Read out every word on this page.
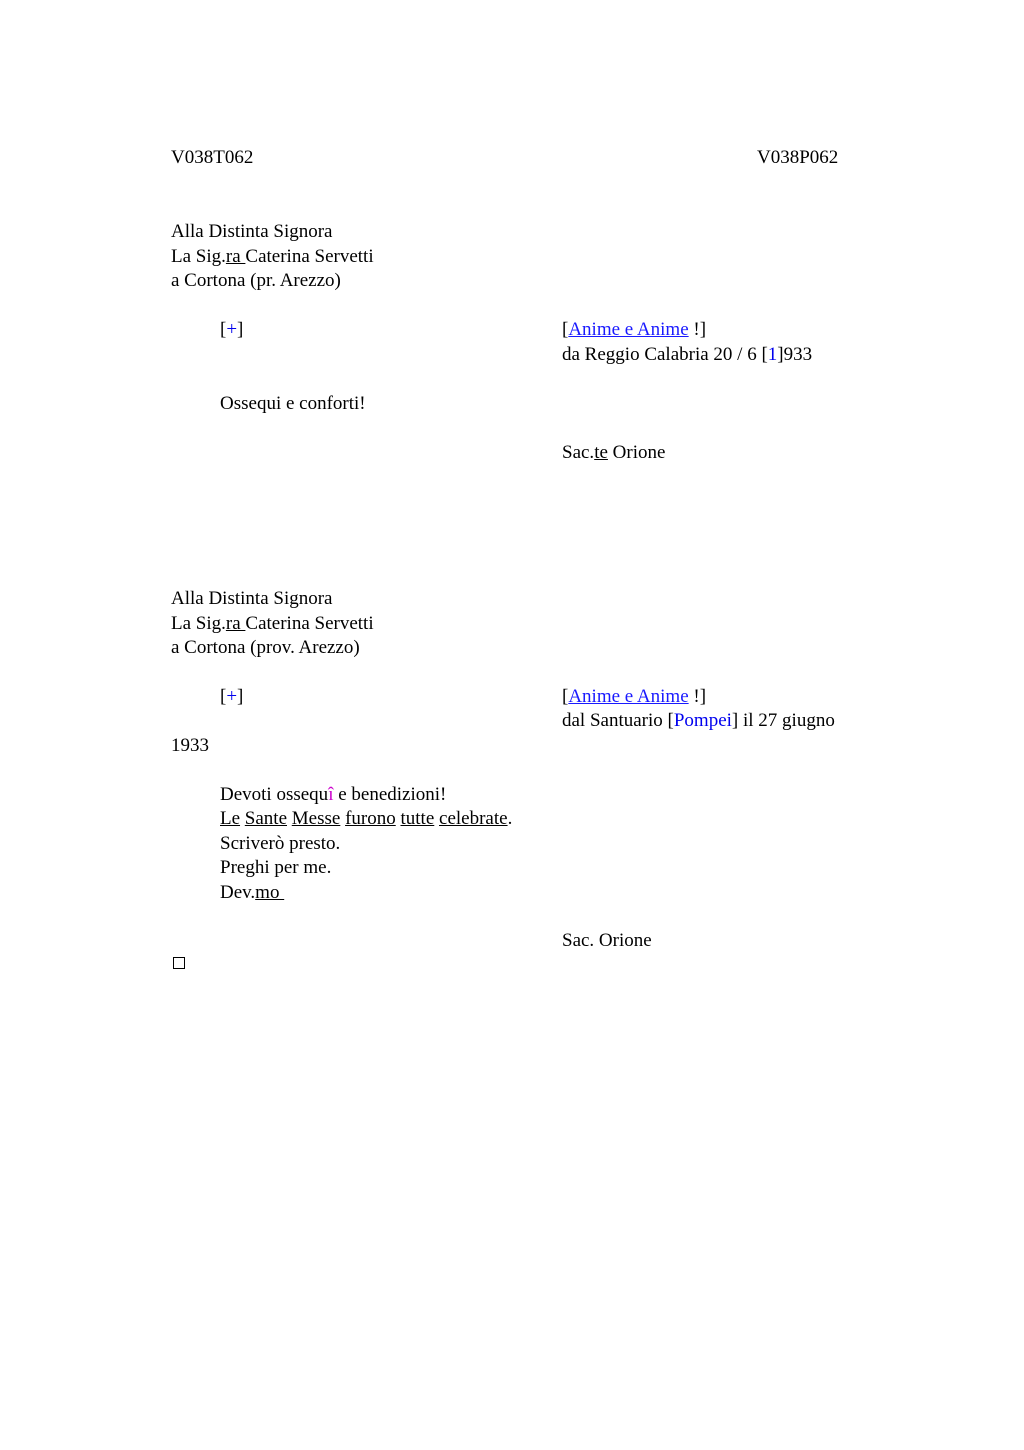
V038T062	V038P062
Alla Distinta Signora
La Sig.ra Caterina Servetti
a Cortona (pr. Arezzo)
[+]	[Anime e Anime !]
da Reggio Calabria 20 / 6 [1]933
Ossequi e conforti!
Sac.te Orione
Alla Distinta Signora
La Sig.ra Caterina Servetti
a Cortona (prov. Arezzo)
[+]	[Anime e Anime !]
dal Santuario [Pompei] il 27 giugno
1933
Devoti ossequî e benedizioni!
Le Sante Messe furono tutte celebrate.
Scriverò presto.
Preghi per me.
Dev.mo
Sac. Orione
